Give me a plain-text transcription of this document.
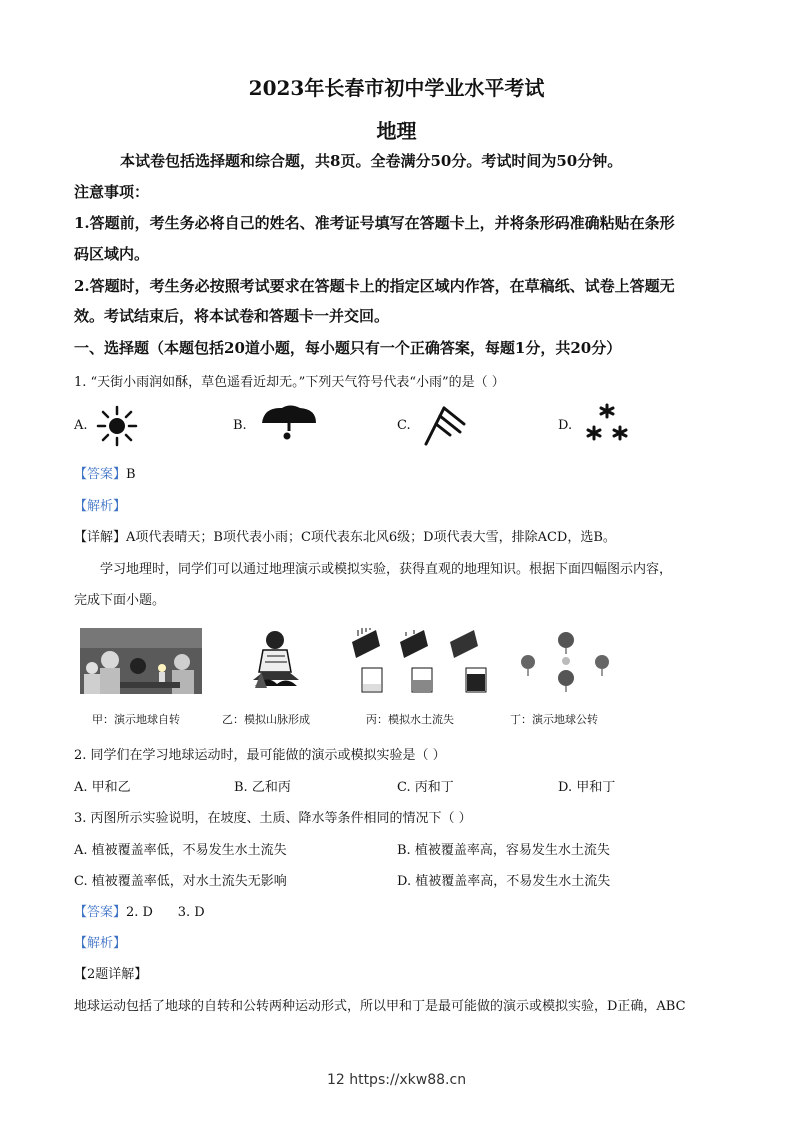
2023年长春市初中学业水平考试
地理
本试卷包括选择题和综合题，共8页。全卷满分50分。考试时间为50分钟。
注意事项：
1.答题前，考生务必将自己的姓名、准考证号填写在答题卡上，并将条形码准确粘贴在条形
码区域内。
2.答题时，考生务必按照考试要求在答题卡上的指定区域内作答，在草稿纸、试卷上答题无
效。考试结束后，将本试卷和答题卡一并交回。
一、选择题（本题包括20道小题，每小题只有一个正确答案，每题1分，共20分）
1. “天街小雨润如酥，草色遥看近却无。”下列天气符号代表“小雨”的是（ ）
A.	B.	C.	D.
【答案】B
【解析】
【详解】A项代表晴天；B项代表小雨；C项代表东北风6级；D项代表大雪，排除ACD，选B。
学习地理时，同学们可以通过地理演示或模拟实验，获得直观的地理知识。根据下面四幅图示内容，
完成下面小题。
甲：演示地球自转	乙：模拟山脉形成	丙：模拟水土流失	丁：演示地球公转
2. 同学们在学习地球运动时，最可能做的演示或模拟实验是（ ）
A. 甲和乙	B. 乙和丙	C. 丙和丁	D. 甲和丁
3. 丙图所示实验说明，在坡度、土质、降水等条件相同的情况下（ ）
A. 植被覆盖率低，不易发生水土流失	B. 植被覆盖率高，容易发生水土流失
C. 植被覆盖率低，对水土流失无影响	D. 植被覆盖率高，不易发生水土流失
【答案】2. D      3. D
【解析】
【2题详解】
地球运动包括了地球的自转和公转两种运动形式，所以甲和丁是最可能做的演示或模拟实验，D正确，ABC
12 https://xkw88.cn
